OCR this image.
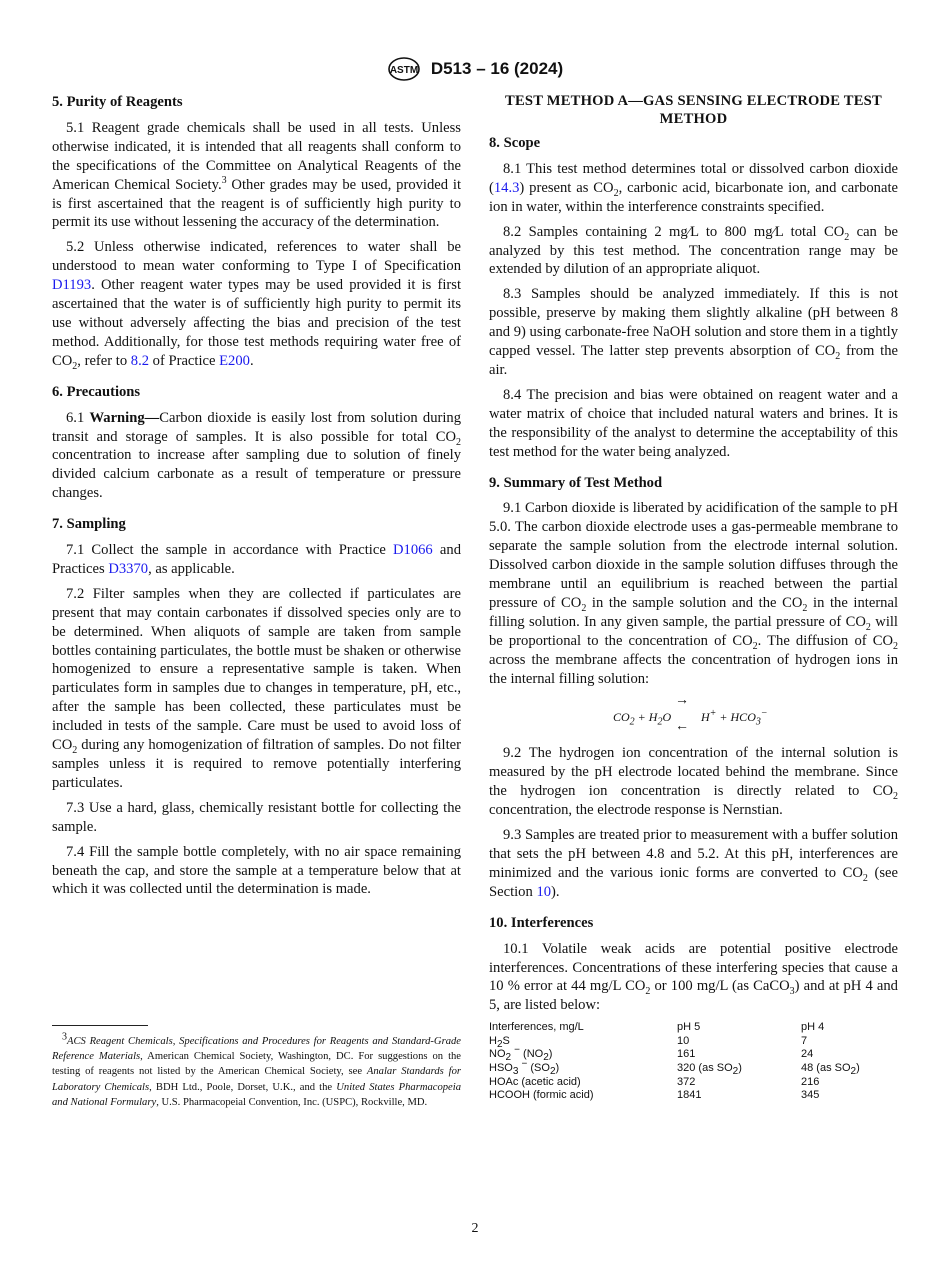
ASTM D513 – 16 (2024)
5. Purity of Reagents

5.1 Reagent grade chemicals shall be used in all tests. Unless otherwise indicated, it is intended that all reagents shall conform to the specifications of the Committee on Analytical Reagents of the American Chemical Society.$^3$ Other grades may be used, provided it is first ascertained that the reagent is of sufficiently high purity to permit its use without lessening the accuracy of the determination.

5.2 Unless otherwise indicated, references to water shall be understood to mean water conforming to Type I of Specification D1193. Other reagent water types may be used provided it is first ascertained that the water is of sufficiently high purity to permit its use without adversely affecting the bias and precision of the test method. Additionally, for those test methods requiring water free of $CO_2$, refer to 8.2 of Practice E200.

6. Precautions

6.1 Warning—Carbon dioxide is easily lost from solution during transit and storage of samples. It is also possible for total $CO_2$ concentration to increase after sampling due to solution of finely divided calcium carbonate as a result of temperature or pressure changes.

7. Sampling

7.1 Collect the sample in accordance with Practice D1066 and Practices D3370, as applicable.

7.2 Filter samples when they are collected if particulates are present that may contain carbonates if dissolved species only are to be determined. When aliquots of sample are taken from sample bottles containing particulates, the bottle must be shaken or otherwise homogenized to ensure a representative sample is taken. When particulates form in samples due to changes in temperature, pH, etc., after the sample has been collected, these particulates must be included in tests of the sample. Care must be used to avoid loss of $CO_2$ during any homogenization of filtration of samples. Do not filter samples unless it is required to remove potentially interfering particulates.

7.3 Use a hard, glass, chemically resistant bottle for collecting the sample.

7.4 Fill the sample bottle completely, with no air space remaining beneath the cap, and store the sample at a temperature below that at which it was collected until the determination is made.

TEST METHOD A—GAS SENSING ELECTRODE TEST METHOD
8. Scope

8.1 This test method determines total or dissolved carbon dioxide (14.3) present as $CO_2$, carbonic acid, bicarbonate ion, and carbonate ion in water, within the interference constraints specified.

8.2 Samples containing 2 mg⁄L to 800 mg⁄L total $CO_2$ can be analyzed by this test method. The concentration range may be extended by dilution of an appropriate aliquot.

8.3 Samples should be analyzed immediately. If this is not possible, preserve by making them slightly alkaline (pH between 8 and 9) using carbonate-free NaOH solution and store them in a tightly capped vessel. The latter step prevents absorption of $CO_2$ from the air.

8.4 The precision and bias were obtained on reagent water and a water matrix of choice that included natural waters and brines. It is the responsibility of the analyst to determine the acceptability of this test method for the water being analyzed.

9. Summary of Test Method

9.1 Carbon dioxide is liberated by acidification of the sample to pH 5.0. The carbon dioxide electrode uses a gas-permeable membrane to separate the sample solution from the electrode internal solution. Dissolved carbon dioxide in the sample solution diffuses through the membrane until an equilibrium is reached between the partial pressure of $CO_2$ in the sample solution and the $CO_2$ in the internal filling solution. In any given sample, the partial pressure of $CO_2$ will be proportional to the concentration of $CO_2$. The diffusion of $CO_2$ across the membrane affects the concentration of hydrogen ions in the internal filling solution:

$CO_2 + H_2O$
→
←
$H^+ + HCO_3^-$

9.2 The hydrogen ion concentration of the internal solution is measured by the pH electrode located behind the membrane. Since the hydrogen ion concentration is directly related to $CO_2$ concentration, the electrode response is Nernstian.

9.3 Samples are treated prior to measurement with a buffer solution that sets the pH between 4.8 and 5.2. At this pH, interferences are minimized and the various ionic forms are converted to $CO_2$ (see Section 10).

10. Interferences

10.1 Volatile weak acids are potential positive electrode interferences. Concentrations of these interfering species that cause a 10 % error at 44 mg/L $CO_2$ or 100 mg/L (as CaCO$_3$) and at pH 4 and 5, are listed below:

Interferences, mg/L	pH 5	pH 4
$H_2S$	10	7
$NO_2$ − $(NO_2)$	161	24
$HSO_3$ − $(SO_2)$	320 (as $SO_2$)	48 (as $SO_2$)
HOAc (acetic acid)	372	216
HCOOH (formic acid)	1841	345

$^3$ACS Reagent Chemicals, Specifications and Procedures for Reagents and Standard-Grade Reference Materials, American Chemical Society, Washington, DC. For suggestions on the testing of reagents not listed by the American Chemical Society, see Analar Standards for Laboratory Chemicals, BDH Ltd., Poole, Dorset, U.K., and the United States Pharmacopeia and National Formulary, U.S. Pharmacopeial Convention, Inc. (USPC), Rockville, MD.

2
